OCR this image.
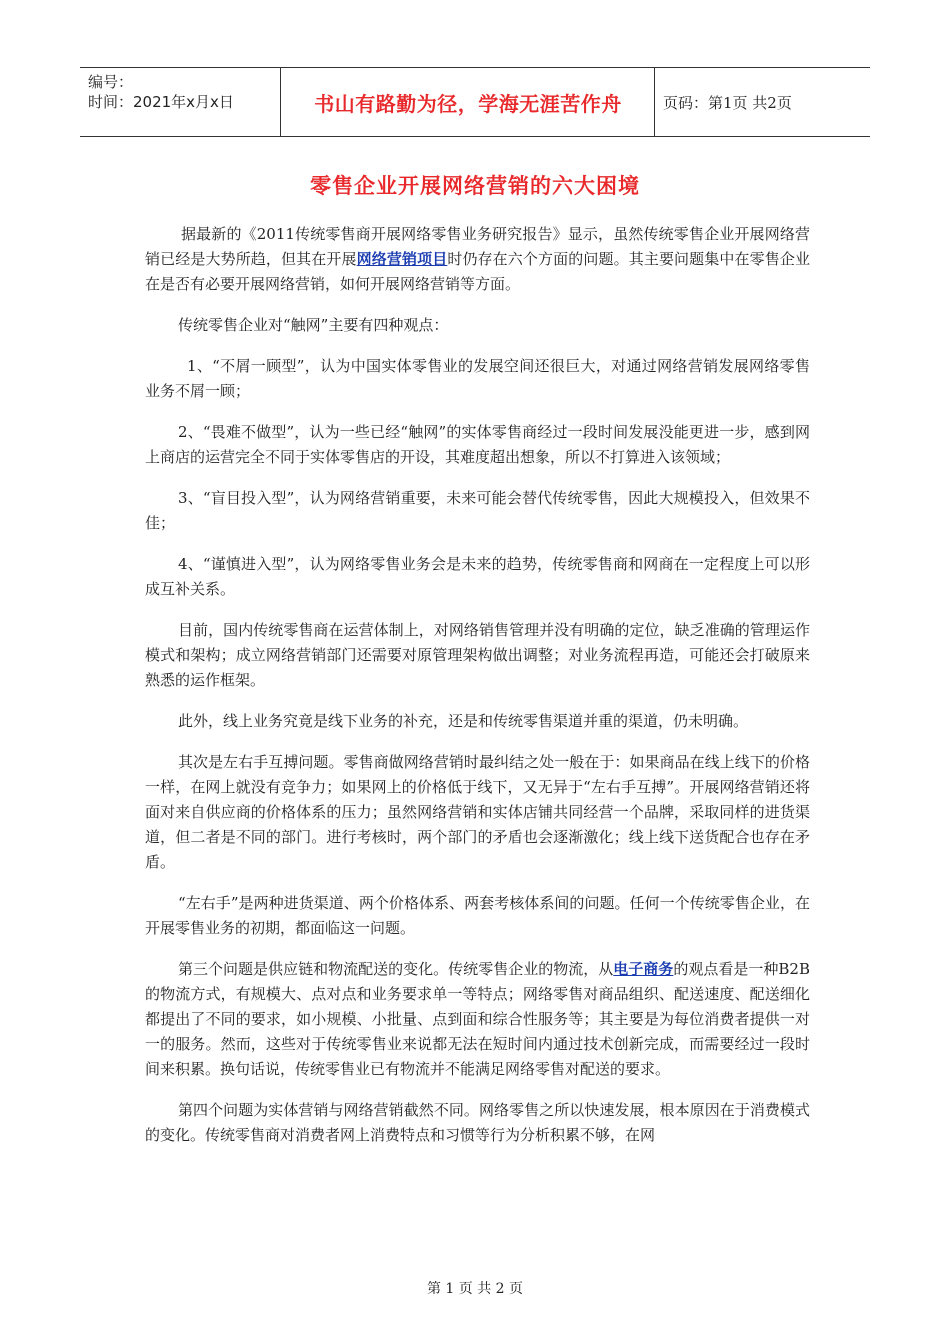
编号：
时间：2021年x月x日	书山有路勤为径，学海无涯苦作舟	页码：第1页 共2页
零售企业开展网络营销的六大困境

据最新的《2011传统零售商开展网络零售业务研究报告》显示，虽然传统零售企业开展网络营销已经是大势所趋，但其在开展网络营销项目时仍存在六个方面的问题。其主要问题集中在零售企业在是否有必要开展网络营销，如何开展网络营销等方面。

传统零售企业对“触网”主要有四种观点：

1、“不屑一顾型”，认为中国实体零售业的发展空间还很巨大，对通过网络营销发展网络零售业务不屑一顾；

2、“畏难不做型”，认为一些已经“触网”的实体零售商经过一段时间发展没能更进一步，感到网上商店的运营完全不同于实体零售店的开设，其难度超出想象，所以不打算进入该领域；

3、“盲目投入型”，认为网络营销重要，未来可能会替代传统零售，因此大规模投入，但效果不佳；

4、“谨慎进入型”，认为网络零售业务会是未来的趋势，传统零售商和网商在一定程度上可以形成互补关系。

目前，国内传统零售商在运营体制上，对网络销售管理并没有明确的定位，缺乏准确的管理运作模式和架构；成立网络营销部门还需要对原管理架构做出调整；对业务流程再造，可能还会打破原来熟悉的运作框架。

此外，线上业务究竟是线下业务的补充，还是和传统零售渠道并重的渠道，仍未明确。

其次是左右手互搏问题。零售商做网络营销时最纠结之处一般在于：如果商品在线上线下的价格一样，在网上就没有竞争力；如果网上的价格低于线下，又无异于“左右手互搏”。开展网络营销还将面对来自供应商的价格体系的压力；虽然网络营销和实体店铺共同经营一个品牌，采取同样的进货渠道，但二者是不同的部门。进行考核时，两个部门的矛盾也会逐渐激化；线上线下送货配合也存在矛盾。

“左右手”是两种进货渠道、两个价格体系、两套考核体系间的问题。任何一个传统零售企业，在开展零售业务的初期，都面临这一问题。

第三个问题是供应链和物流配送的变化。传统零售企业的物流，从电子商务的观点看是一种B2B的物流方式，有规模大、点对点和业务要求单一等特点；网络零售对商品组织、配送速度、配送细化都提出了不同的要求，如小规模、小批量、点到面和综合性服务等；其主要是为每位消费者提供一对一的服务。然而，这些对于传统零售业来说都无法在短时间内通过技术创新完成，而需要经过一段时间来积累。换句话说，传统零售业已有物流并不能满足网络零售对配送的要求。

第四个问题为实体营销与网络营销截然不同。网络零售之所以快速发展，根本原因在于消费模式的变化。传统零售商对消费者网上消费特点和习惯等行为分析积累不够，在网

第 1 页 共 2 页
